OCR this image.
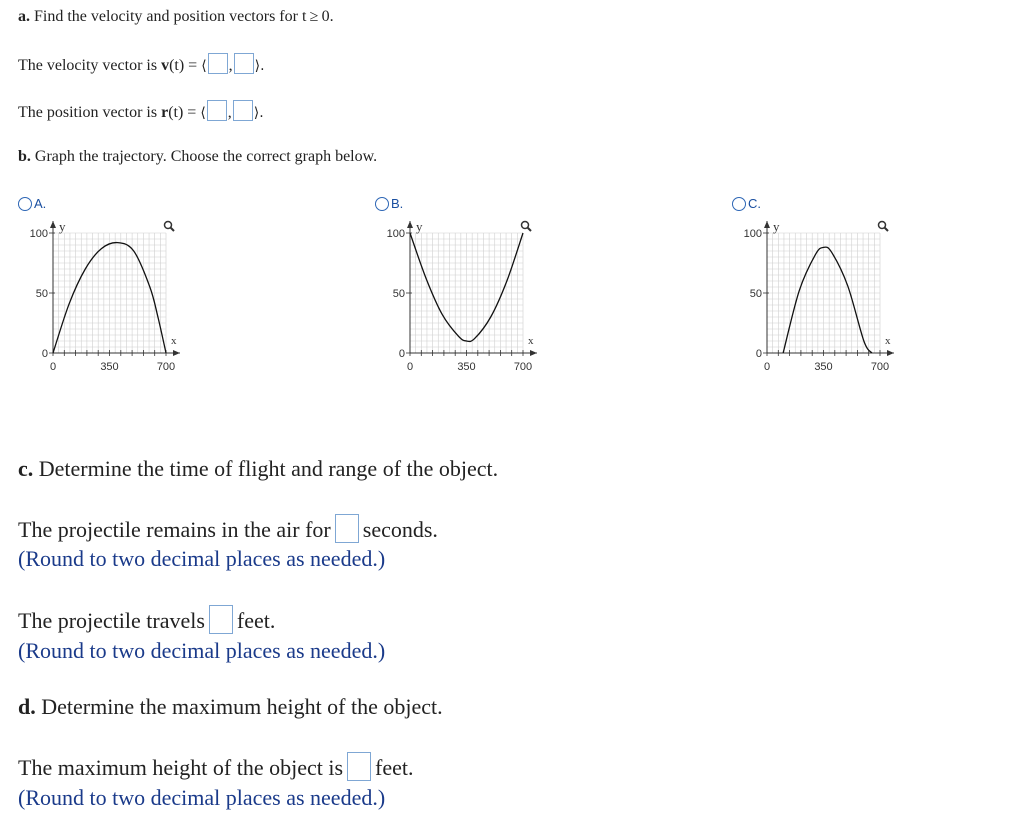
a. Find the velocity and position vectors for t ≥ 0.
The velocity vector is v(t) = ⟨ , ⟩.
The position vector is r(t) = ⟨ , ⟩.
b. Graph the trajectory. Choose the correct graph below.
A.
0	350	700
0
50
100 y
x
B.
0	350	700
0
50
100 y
x
C.
0	350	700
0
50
100 y
x
c. Determine the time of flight and range of the object.
The projectile remains in the air for seconds.
(Round to two decimal places as needed.)
The projectile travels feet.
(Round to two decimal places as needed.)
d. Determine the maximum height of the object.
The maximum height of the object is feet.
(Round to two decimal places as needed.)
